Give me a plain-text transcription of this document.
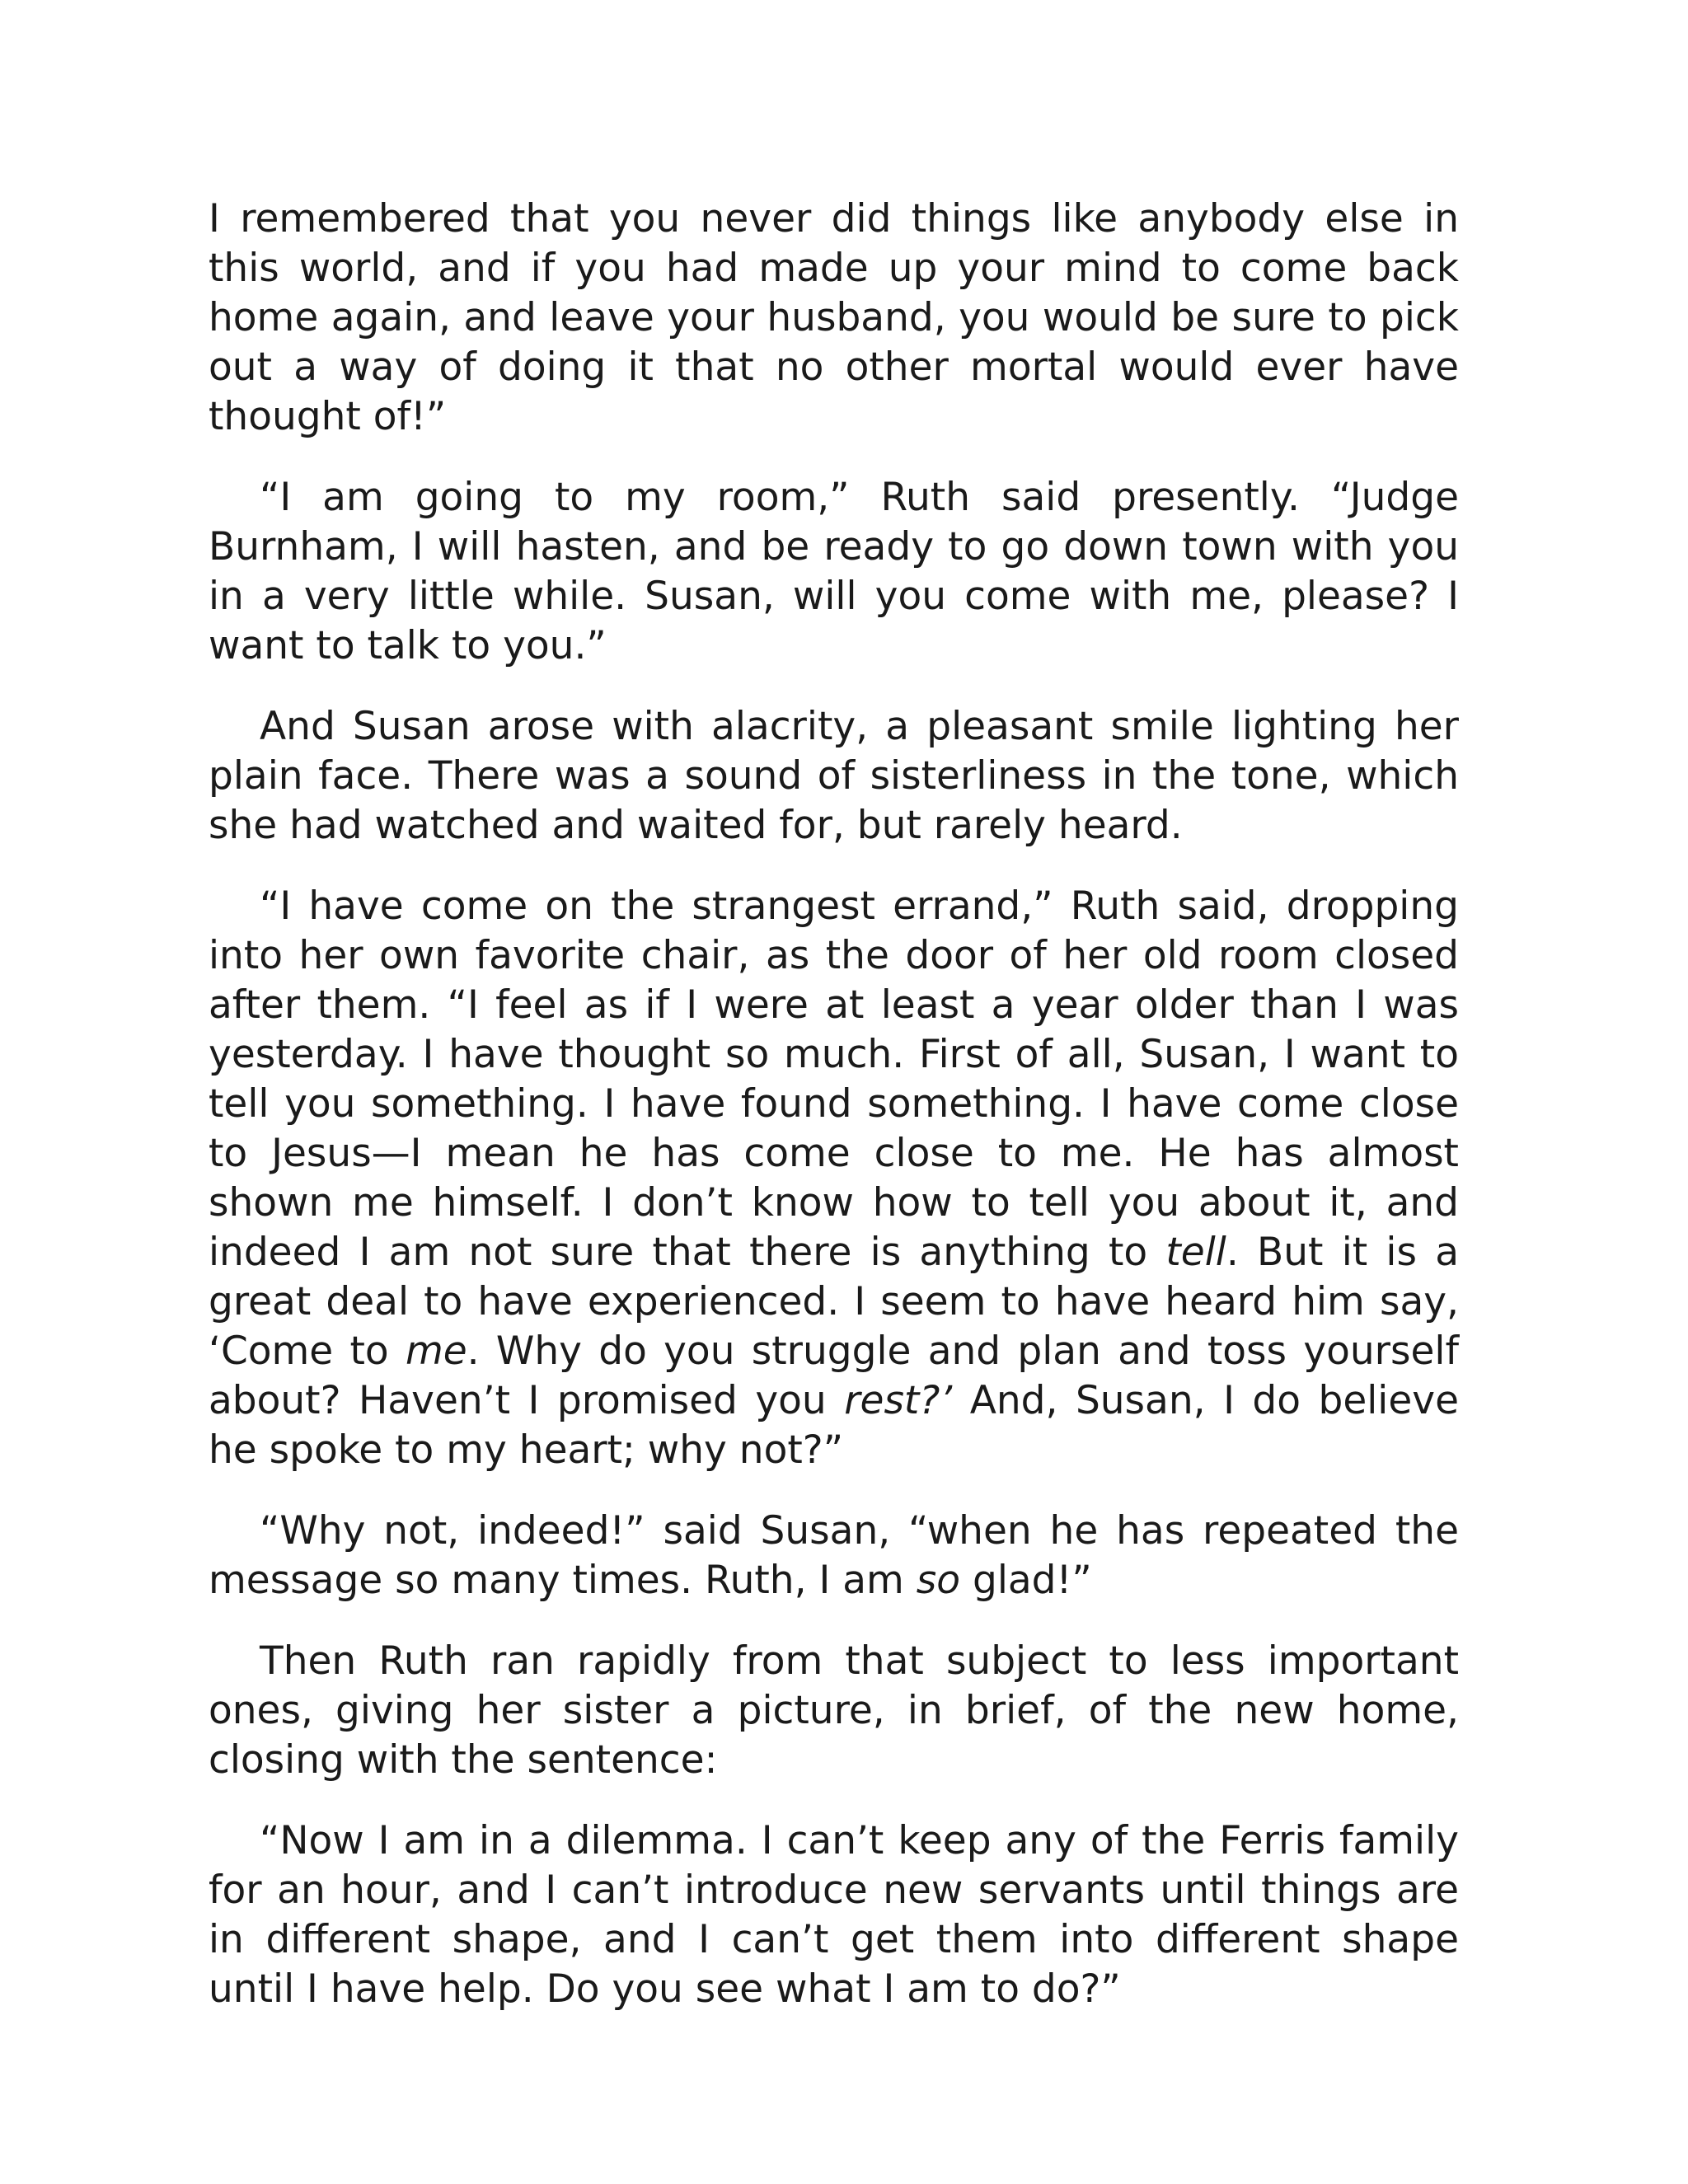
I remembered that you never did things like anybody else in this world, and if you had made up your mind to come back home again, and leave your husband, you would be sure to pick out a way of doing it that no other mortal would ever have thought of!”

“I am going to my room,” Ruth said presently. “Judge Burnham, I will hasten, and be ready to go down town with you in a very little while. Susan, will you come with me, please? I want to talk to you.”

And Susan arose with alacrity, a pleasant smile lighting her plain face. There was a sound of sisterliness in the tone, which she had watched and waited for, but rarely heard.

“I have come on the strangest errand,” Ruth said, dropping into her own favorite chair, as the door of her old room closed after them. “I feel as if I were at least a year older than I was yesterday. I have thought so much. First of all, Susan, I want to tell you something. I have found something. I have come close to Jesus—I mean he has come close to me. He has almost shown me himself. I don’t know how to tell you about it, and indeed I am not sure that there is anything to tell. But it is a great deal to have experienced. I seem to have heard him say, ‘Come to me. Why do you struggle and plan and toss yourself about? Haven’t I promised you rest?’ And, Susan, I do believe he spoke to my heart; why not?”

“Why not, indeed!” said Susan, “when he has repeated the message so many times. Ruth, I am so glad!”

Then Ruth ran rapidly from that subject to less important ones, giving her sister a picture, in brief, of the new home, closing with the sentence:

“Now I am in a dilemma. I can’t keep any of the Ferris family for an hour, and I can’t introduce new servants until things are in different shape, and I can’t get them into different shape until I have help. Do you see what I am to do?”
